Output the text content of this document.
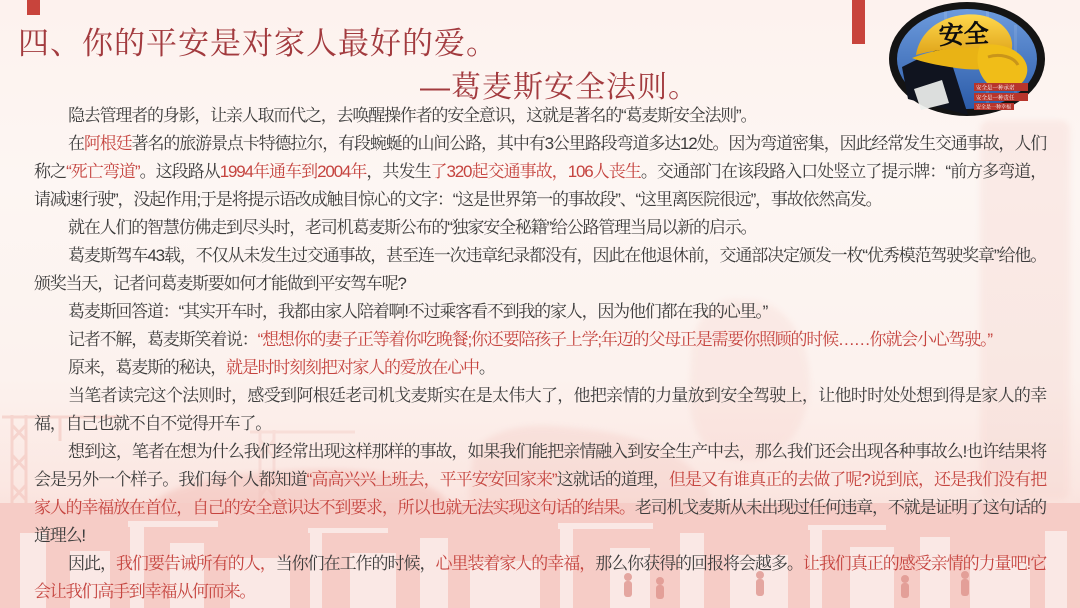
四、你的平安是对家人最好的爱。
—葛麦斯安全法则。
安全
安全是一种承诺
安全是一种责任
安全是一种幸福

隐去管理者的身影，让亲人取而代之，去唤醒操作者的安全意识，这就是著名的“葛麦斯安全法则”。

在阿根廷著名的旅游景点卡特德拉尔，有段蜿蜒的山间公路，其中有3公里路段弯道多达12处。因为弯道密集，因此经常发生交通事故，人们称之“死亡弯道”。这段路从1994年通车到2004年，共发生了320起交通事故，106人丧生。交通部门在该段路入口处竖立了提示牌：“前方多弯道，请减速行驶”，没起作用;于是将提示语改成触目惊心的文字：“这是世界第一的事故段”、“这里离医院很远”，事故依然高发。

就在人们的智慧仿佛走到尽头时，老司机葛麦斯公布的“独家安全秘籍”给公路管理当局以新的启示。

葛麦斯驾车43载，不仅从未发生过交通事故，甚至连一次违章纪录都没有，因此在他退休前，交通部决定颁发一枚“优秀模范驾驶奖章”给他。颁奖当天，记者问葛麦斯要如何才能做到平安驾车呢?

葛麦斯回答道：“其实开车时，我都由家人陪着啊!不过乘客看不到我的家人，因为他们都在我的心里。”

记者不解，葛麦斯笑着说：“想想你的妻子正等着你吃晚餐;你还要陪孩子上学;年迈的父母正是需要你照顾的时候……你就会小心驾驶。”

原来，葛麦斯的秘诀，就是时时刻刻把对家人的爱放在心中。

当笔者读完这个法则时，感受到阿根廷老司机戈麦斯实在是太伟大了，他把亲情的力量放到安全驾驶上，让他时时处处想到得是家人的幸福，自己也就不自不觉得开车了。

想到这，笔者在想为什么我们经常出现这样那样的事故，如果我们能把亲情融入到安全生产中去，那么我们还会出现各种事故么!也许结果将会是另外一个样子。我们每个人都知道“高高兴兴上班去，平平安安回家来”这就话的道理，但是又有谁真正的去做了呢?说到底，还是我们没有把家人的幸福放在首位，自己的安全意识达不到要求，所以也就无法实现这句话的结果。老司机戈麦斯从未出现过任何违章，不就是证明了这句话的道理么!

因此，我们要告诫所有的人，当你们在工作的时候，心里装着家人的幸福，那么你获得的回报将会越多。让我们真正的感受亲情的力量吧!它会让我们高手到幸福从何而来。
